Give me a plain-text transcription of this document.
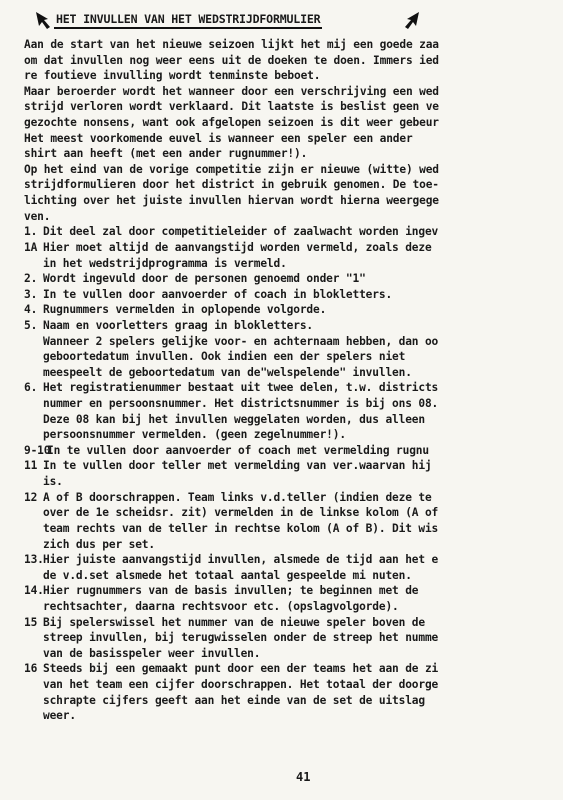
HET INVULLEN VAN HET WEDSTRIJDFORMULIER
Aan de start van het nieuwe seizoen lijkt het mij een goede zaa
om dat invullen nog weer eens uit de doeken te doen. Immers ied
re foutieve invulling wordt tenminste beboet.
Maar beroerder wordt het wanneer door een verschrijving een wed
strijd verloren wordt verklaard. Dit laatste is beslist geen ve
gezochte nonsens, want ook afgelopen seizoen is dit weer gebeur
Het meest voorkomende euvel is wanneer een speler een ander
shirt aan heeft (met een ander rugnummer!).
Op het eind van de vorige competitie zijn er nieuwe (witte) wed
strijdformulieren door het district in gebruik genomen. De toe-
lichting over het juiste invullen hiervan wordt hierna weergege
ven.
1. Dit deel zal door competitieleider of zaalwacht worden ingev
1A Hier moet altijd de aanvangstijd worden vermeld, zoals deze
in het wedstrijdprogramma is vermeld.
2. Wordt ingevuld door de personen genoemd onder "1"
3. In te vullen door aanvoerder of coach in blokletters.
4. Rugnummers vermelden in oplopende volgorde.
5. Naam en voorletters graag in blokletters.
Wanneer 2 spelers gelijke voor- en achternaam hebben, dan oo
geboortedatum invullen. Ook indien een der spelers niet
meespeelt de geboortedatum van de"welspelende" invullen.
6. Het registratienummer bestaat uit twee delen, t.w. districts
nummer en persoonsnummer. Het districtsnummer is bij ons 08.
Deze 08 kan bij het invullen weggelaten worden, dus alleen
persoonsnummer vermelden. (geen zegelnummer!).
9-10In te vullen door aanvoerder of coach met vermelding rugnu
11 In te vullen door teller met vermelding van ver.waarvan hij
is.
12 A of B doorschrappen. Team links v.d.teller (indien deze te
over de 1e scheidsr. zit) vermelden in de linkse kolom (A of
team rechts van de teller in rechtse kolom (A of B). Dit wis
zich dus per set.
13.Hier juiste aanvangstijd invullen, alsmede de tijd aan het e
de v.d.set alsmede het totaal aantal gespeelde mi nuten.
14.Hier rugnummers van de basis invullen; te beginnen met de
rechtsachter, daarna rechtsvoor etc. (opslagvolgorde).
15 Bij spelerswissel het nummer van de nieuwe speler boven de
streep invullen, bij terugwisselen onder de streep het numme
van de basisspeler weer invullen.
16 Steeds bij een gemaakt punt door een der teams het aan de zi
van het team een cijfer doorschrappen. Het totaal der doorge
schrapte cijfers geeft aan het einde van de set de uitslag
weer.
41
